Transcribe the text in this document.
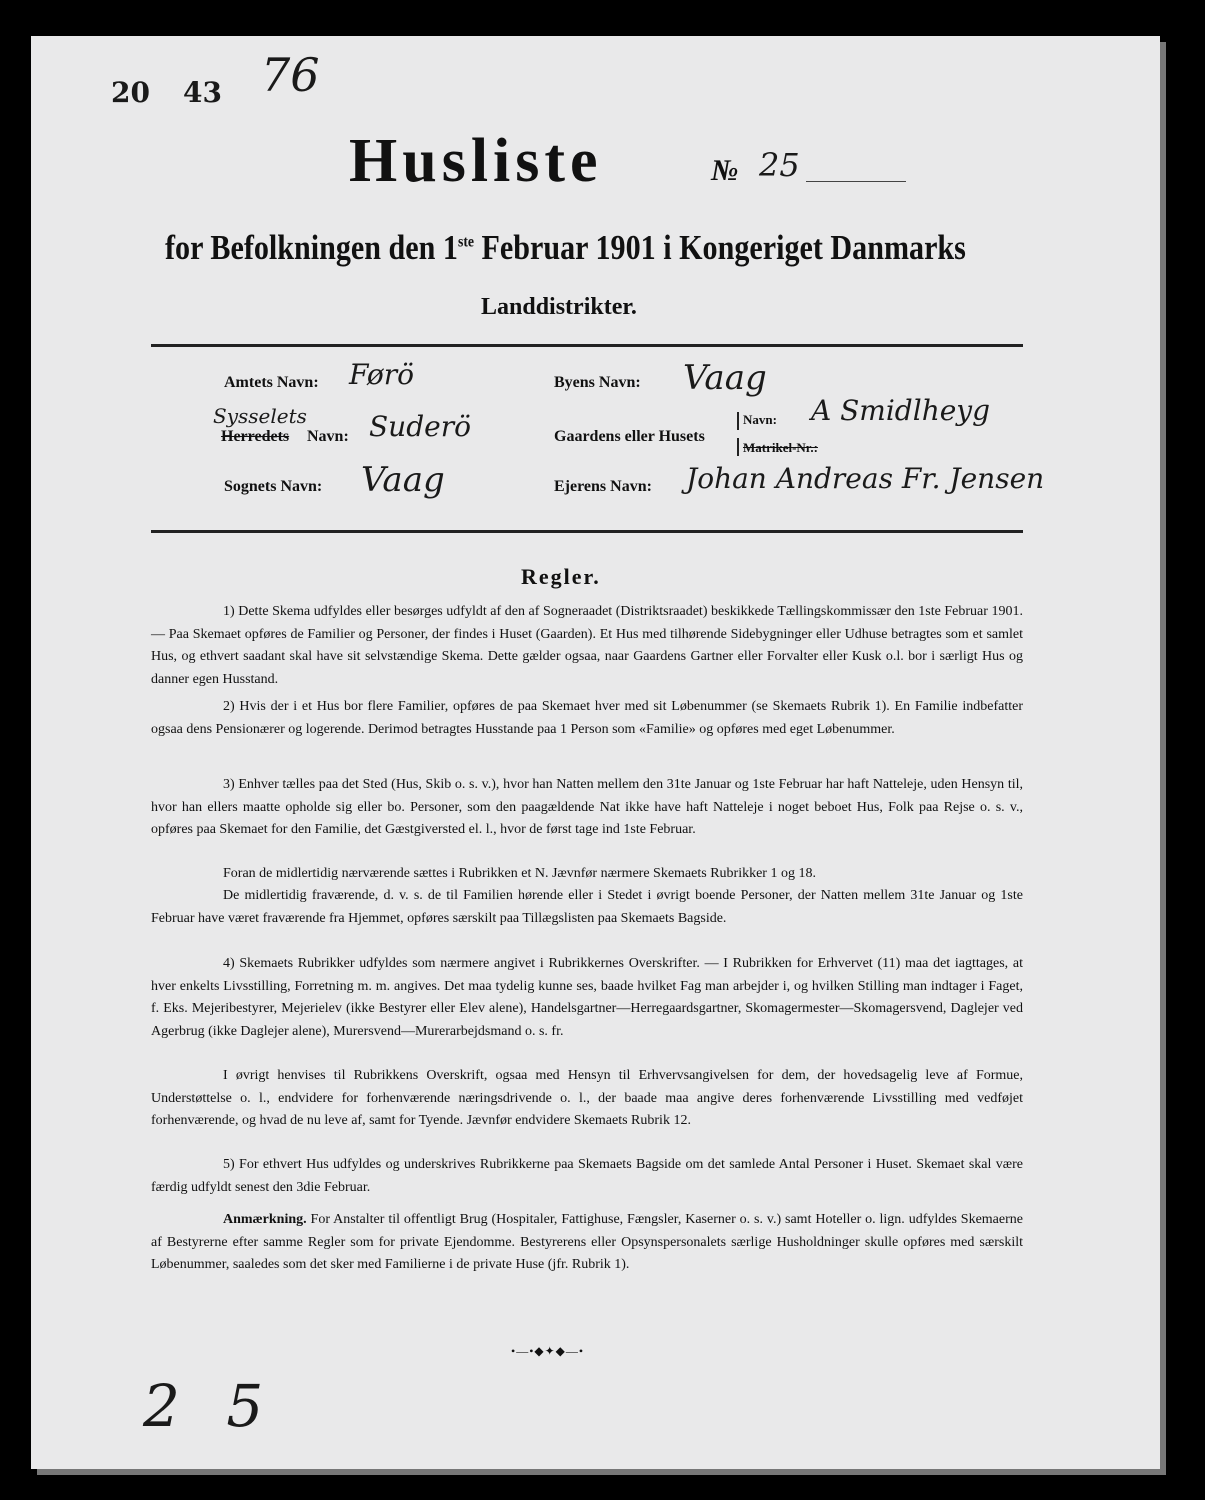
20 43 76
Husliste	№ 25
for Befolkningen den 1ste Februar 1901 i Kongeriget Danmarks
Landdistrikter.
Amtets Navn: Førö
Sysselets
Herredets Navn: Suderö
Sognets Navn: Vaag
Byens Navn: Vaag
Gaardens eller Husets
Navn: A Smidlheyg
Matrikel-Nr.:
Ejerens Navn: Johan Andreas Fr. Jensen
Regler.
1) Dette Skema udfyldes eller besørges udfyldt af den af Sogneraadet (Distriktsraadet) beskikkede Tællingskommissær den 1ste Februar 1901. — Paa Skemaet opføres de Familier og Personer, der findes i Huset (Gaarden). Et Hus med tilhørende Sidebygninger eller Udhuse betragtes som et samlet Hus, og ethvert saadant skal have sit selvstændige Skema. Dette gælder ogsaa, naar Gaardens Gartner eller Forvalter eller Kusk o.l. bor i særligt Hus og danner egen Husstand.
2) Hvis der i et Hus bor flere Familier, opføres de paa Skemaet hver med sit Løbenummer (se Skemaets Rubrik 1). En Familie indbefatter ogsaa dens Pensionærer og logerende. Derimod betragtes Husstande paa 1 Person som «Familie» og opføres med eget Løbenummer.
3) Enhver tælles paa det Sted (Hus, Skib o. s. v.), hvor han Natten mellem den 31te Januar og 1ste Februar har haft Natteleje, uden Hensyn til, hvor han ellers maatte opholde sig eller bo. Personer, som den paagældende Nat ikke have haft Natteleje i noget beboet Hus, Folk paa Rejse o. s. v., opføres paa Skemaet for den Familie, det Gæstgiversted el. l., hvor de først tage ind 1ste Februar.
Foran de midlertidig nærværende sættes i Rubrikken et N. Jævnfør nærmere Skemaets Rubrikker 1 og 18.
De midlertidig fraværende, d. v. s. de til Familien hørende eller i Stedet i øvrigt boende Personer, der Natten mellem 31te Januar og 1ste Februar have været fraværende fra Hjemmet, opføres særskilt paa Tillægslisten paa Skemaets Bagside.
4) Skemaets Rubrikker udfyldes som nærmere angivet i Rubrikkernes Overskrifter. — I Rubrikken for Erhvervet (11) maa det iagttages, at hver enkelts Livsstilling, Forretning m. m. angives. Det maa tydelig kunne ses, baade hvilket Fag man arbejder i, og hvilken Stilling man indtager i Faget, f. Eks. Mejeribestyrer, Mejerielev (ikke Bestyrer eller Elev alene), Handelsgartner—Herregaardsgartner, Skomagermester—Skomagersvend, Daglejer ved Agerbrug (ikke Daglejer alene), Murersvend—Murerarbejdsmand o. s. fr.
I øvrigt henvises til Rubrikkens Overskrift, ogsaa med Hensyn til Erhvervsangivelsen for dem, der hovedsagelig leve af Formue, Understøttelse o. l., endvidere for forhenværende næringsdrivende o. l., der baade maa angive deres forhenværende Livsstilling med vedføjet forhenværende, og hvad de nu leve af, samt for Tyende. Jævnfør endvidere Skemaets Rubrik 12.
5) For ethvert Hus udfyldes og underskrives Rubrikkerne paa Skemaets Bagside om det samlede Antal Personer i Huset. Skemaet skal være færdig udfyldt senest den 3die Februar.
Anmærkning. For Anstalter til offentligt Brug (Hospitaler, Fattighuse, Fængsler, Kaserner o. s. v.) samt Hoteller o. lign. udfyldes Skemaerne af Bestyrerne efter samme Regler som for private Ejendomme. Bestyrerens eller Opsynspersonalets særlige Husholdninger skulle opføres med særskilt Løbenummer, saaledes som det sker med Familierne i de private Huse (jfr. Rubrik 1).
•—•◆✦◆—•
2 5
